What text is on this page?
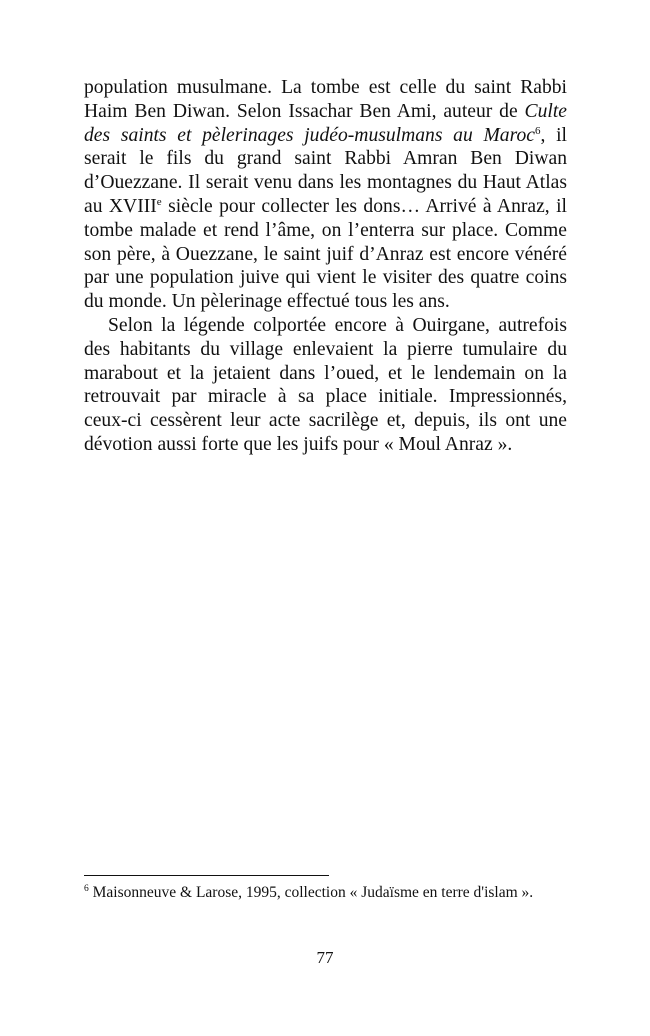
population musulmane. La tombe est celle du saint Rabbi Haim Ben Diwan. Selon Issachar Ben Ami, auteur de Culte des saints et pèlerinages judéo-musulmans au Maroc$^6$, il serait le fils du grand saint Rabbi Amran Ben Diwan d’Ouezzane. Il serait venu dans les montagnes du Haut Atlas au XVIIIe siècle pour collecter les dons… Arrivé à Anraz, il tombe malade et rend l’âme, on l’enterra sur place. Comme son père, à Ouezzane, le saint juif d’Anraz est encore vénéré par une population juive qui vient le visiter des quatre coins du monde. Un pèlerinage effectué tous les ans.

Selon la légende colportée encore à Ouirgane, autrefois des habitants du village enlevaient la pierre tumulaire du marabout et la jetaient dans l’oued, et le lendemain on la retrouvait par miracle à sa place initiale. Impressionnés, ceux-ci cessèrent leur acte sacrilège et, depuis, ils ont une dévotion aussi forte que les juifs pour « Moul Anraz ».

$^6$ Maisonneuve & Larose, 1995, collection « Judaïsme en terre d'islam ».

77
